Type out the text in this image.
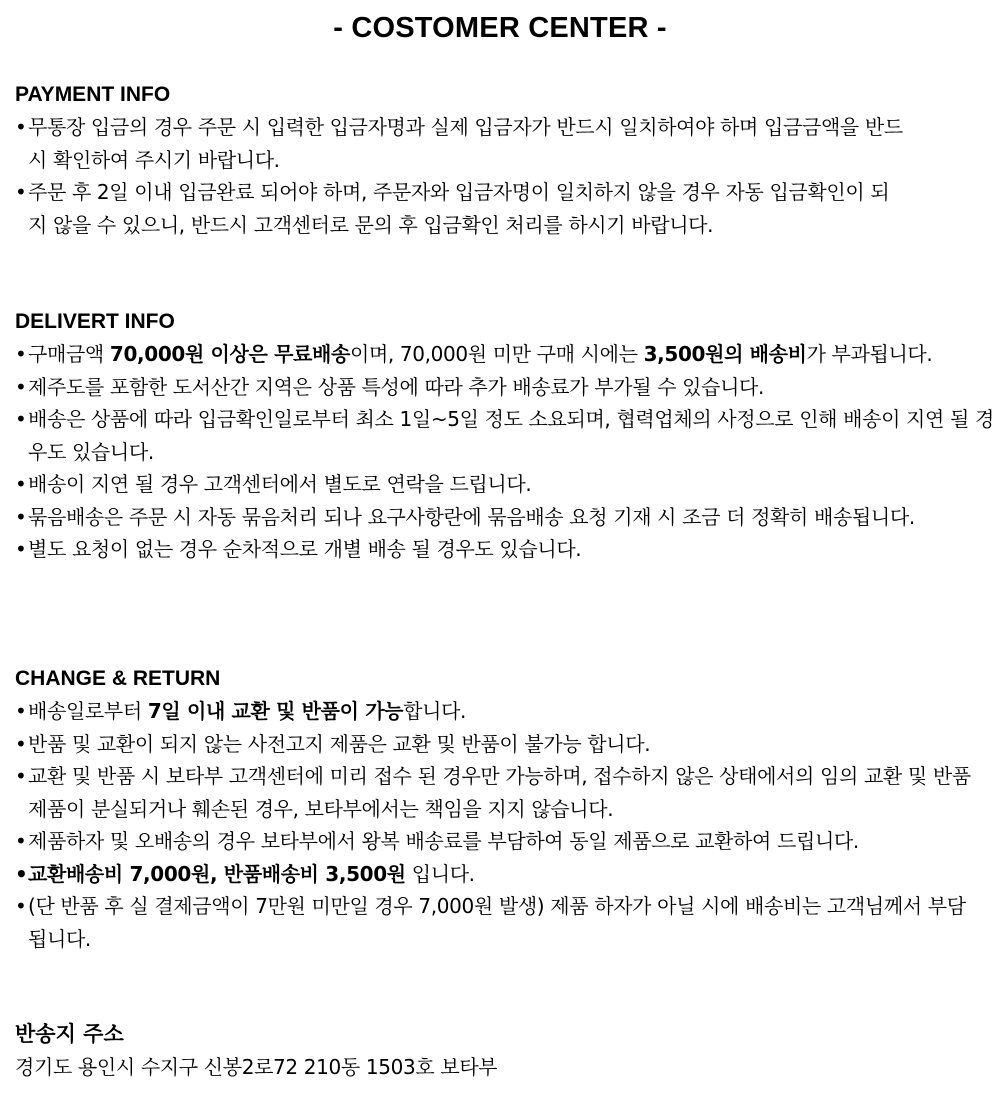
- COSTOMER CENTER -
PAYMENT INFO
• 무통장 입금의 경우 주문 시 입력한 입금자명과 실제 입금자가 반드시 일치하여야 하며 입금금액을 반드시 확인하여 주시기 바랍니다.
• 주문 후 2일 이내 입금완료 되어야 하며, 주문자와 입금자명이 일치하지 않을 경우 자동 입금확인이 되지 않을 수 있으니, 반드시 고객센터로 문의 후 입금확인 처리를 하시기 바랍니다.
DELIVERT INFO
• 구매금액 70,000원 이상은 무료배송이며, 70,000원 미만 구매 시에는 3,500원의 배송비가 부과됩니다.
• 제주도를 포함한 도서산간 지역은 상품 특성에 따라 추가 배송료가 부가될 수 있습니다.
• 배송은 상품에 따라 입금확인일로부터 최소 1일~5일 정도 소요되며, 협력업체의 사정으로 인해 배송이 지연 될 경우도 있습니다.
• 배송이 지연 될 경우 고객센터에서 별도로 연락을 드립니다.
• 묶음배송은 주문 시 자동 묶음처리 되나 요구사항란에 묶음배송 요청 기재 시 조금 더 정확히 배송됩니다.
• 별도 요청이 없는 경우 순차적으로 개별 배송 될 경우도 있습니다.
CHANGE & RETURN
• 배송일로부터 7일 이내 교환 및 반품이 가능합니다.
• 반품 및 교환이 되지 않는 사전고지 제품은 교환 및 반품이 불가능 합니다.
• 교환 및 반품 시 보타부 고객센터에 미리 접수 된 경우만 가능하며, 접수하지 않은 상태에서의 임의 교환 및 반품제품이 분실되거나 훼손된 경우, 보타부에서는 책임을 지지 않습니다.
• 제품하자 및 오배송의 경우 보타부에서 왕복 배송료를 부담하여 동일 제품으로 교환하여 드립니다.
• 교환배송비 7,000원, 반품배송비 3,500원 입니다.
• (단 반품 후 실 결제금액이 7만원 미만일 경우 7,000원 발생) 제품 하자가 아닐 시에 배송비는 고객님께서 부담됩니다.
반송지 주소
경기도 용인시 수지구 신봉2로72 210동 1503호 보타부
